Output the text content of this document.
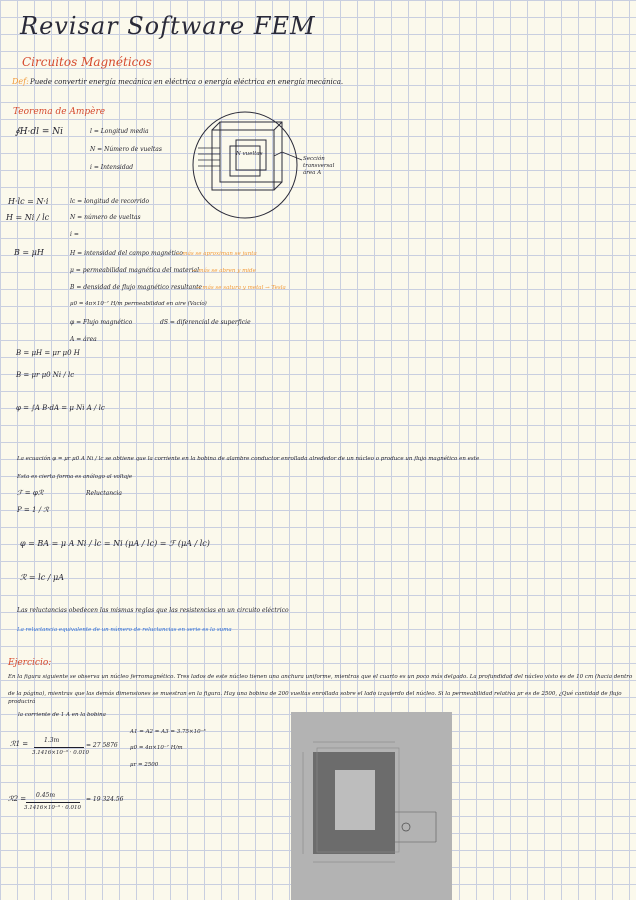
Revisar Software FEM
Circuitos Magnéticos
Def: Puede convertir energía mecánica en eléctrica o energía eléctrica en energía mecánica.
Teorema de Ampère
∮H·dl = Ni	l = Longitud media
N = Número de vueltas
i = Intensidad
N vueltas
Sección transversal área A
H·lc = N·i
H = Ni / lc
B = μH
lc = longitud de recorrido
N = número de vueltas
i =
H = intensidad del campo magnético
→ más se aproximan se junta
μ = permeabilidad magnética del material
→ más se abren y mide
B = densidad de flujo magnético resultante
→ más se satura y metal → Tesla
μ0 = 4π×10⁻⁷ H/m permeabilidad en aire (Vacío)
φ = Flujo magnético	dS = diferencial de superficie
A = área
B = μH = μr μ0 H
B = μr μ0 Ni / lc
φ = ∫A B·dA = μ Ni A / lc
La ecuación φ = μr μ0 A Ni / lc se obtiene que la corriente en la bobina de alambre conductor enrollada alrededor de un núcleo o produce un flujo magnético en este
Esta es cierta forma es análogo al voltaje
ℱ = φℛ	Reluctancia
P = 1 / ℛ
φ = BA = μ A Ni / lc = Ni (μA / lc) = ℱ (μA / lc)
ℛ = lc / μA
Las reluctancias obedecen las mismas reglas que las resistencias en un circuito eléctrico
La reluctancia equivalente de un número de reluctancias en serie es la suma
Ejercicio:
En la figura siguiente se observa un núcleo ferromagnético. Tres lados de este núcleo tienen una anchura uniforme, mientras que el cuarto es un poco más delgado. La profundidad del núcleo visto es de 10 cm (hacia dentro
de la página), mientras que las demás dimensiones se muestran en la figura. Hay una bobina de 200 vueltas enrollada sobre el lado izquierdo del núcleo. Si la permeabilidad relativa μr es de 2500, ¿Qué cantidad de flujo producirá
la corriente de 1 A en la bobina
A1 = A2 = A3 = 3.75×10⁻³
μ0 = 4π×10⁻⁷ H/m
μr = 2500
ℛ1 =	1.3m
3.1416×10⁻³ · 0.010
= 27 5876
ℛ2 = 0.45m
3.1416×10⁻³ · 0.010
= 19 324.56
